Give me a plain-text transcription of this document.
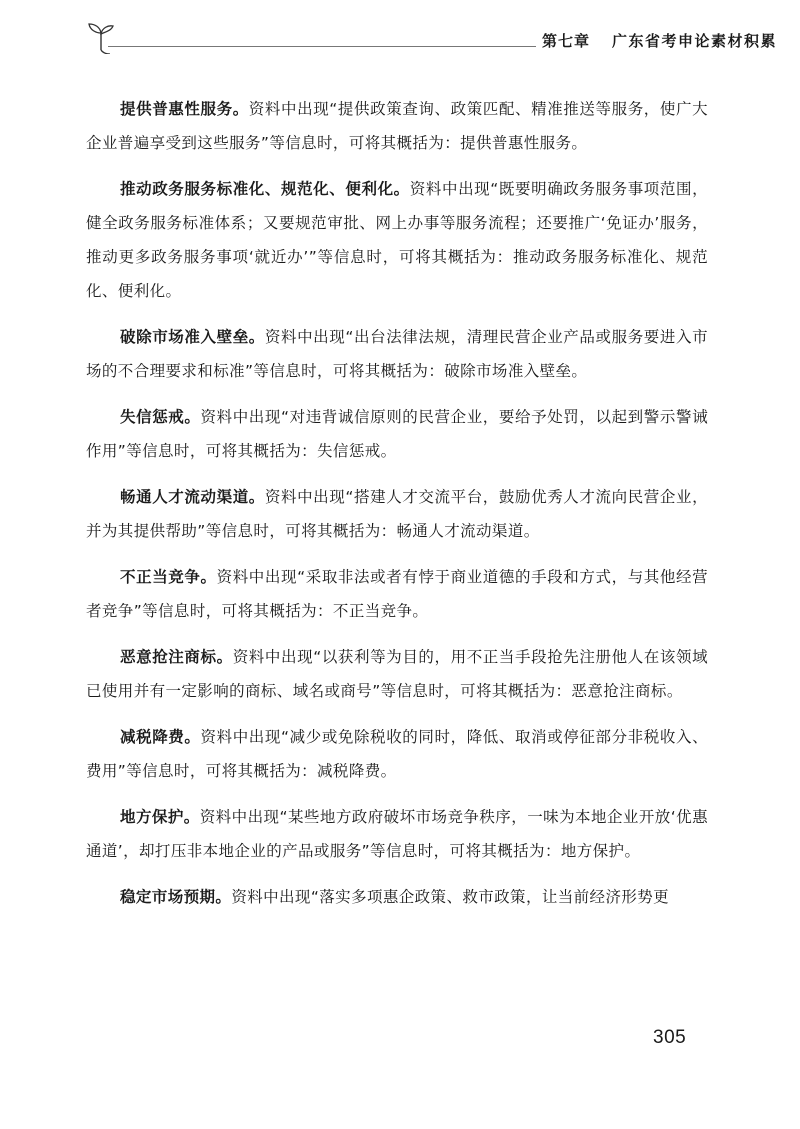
第七章 广东省考申论素材积累

提供普惠性服务。资料中出现“提供政策查询、政策匹配、精准推送等服务，使广大企业普遍享受到这些服务”等信息时，可将其概括为：提供普惠性服务。

推动政务服务标准化、规范化、便利化。资料中出现“既要明确政务服务事项范围，健全政务服务标准体系；又要规范审批、网上办事等服务流程；还要推广‘免证办’服务，推动更多政务服务事项‘就近办’”等信息时，可将其概括为：推动政务服务标准化、规范化、便利化。

破除市场准入壁垒。资料中出现“出台法律法规，清理民营企业产品或服务要进入市场的不合理要求和标准”等信息时，可将其概括为：破除市场准入壁垒。

失信惩戒。资料中出现“对违背诚信原则的民营企业，要给予处罚，以起到警示警诫作用”等信息时，可将其概括为：失信惩戒。

畅通人才流动渠道。资料中出现“搭建人才交流平台，鼓励优秀人才流向民营企业，并为其提供帮助”等信息时，可将其概括为：畅通人才流动渠道。

不正当竞争。资料中出现“采取非法或者有悖于商业道德的手段和方式，与其他经营者竞争”等信息时，可将其概括为：不正当竞争。

恶意抢注商标。资料中出现“以获利等为目的，用不正当手段抢先注册他人在该领域已使用并有一定影响的商标、域名或商号”等信息时，可将其概括为：恶意抢注商标。

减税降费。资料中出现“减少或免除税收的同时，降低、取消或停征部分非税收入、费用”等信息时，可将其概括为：减税降费。

地方保护。资料中出现“某些地方政府破坏市场竞争秩序，一味为本地企业开放‘优惠通道’，却打压非本地企业的产品或服务”等信息时，可将其概括为：地方保护。

稳定市场预期。资料中出现“落实多项惠企政策、救市政策，让当前经济形势更

305
